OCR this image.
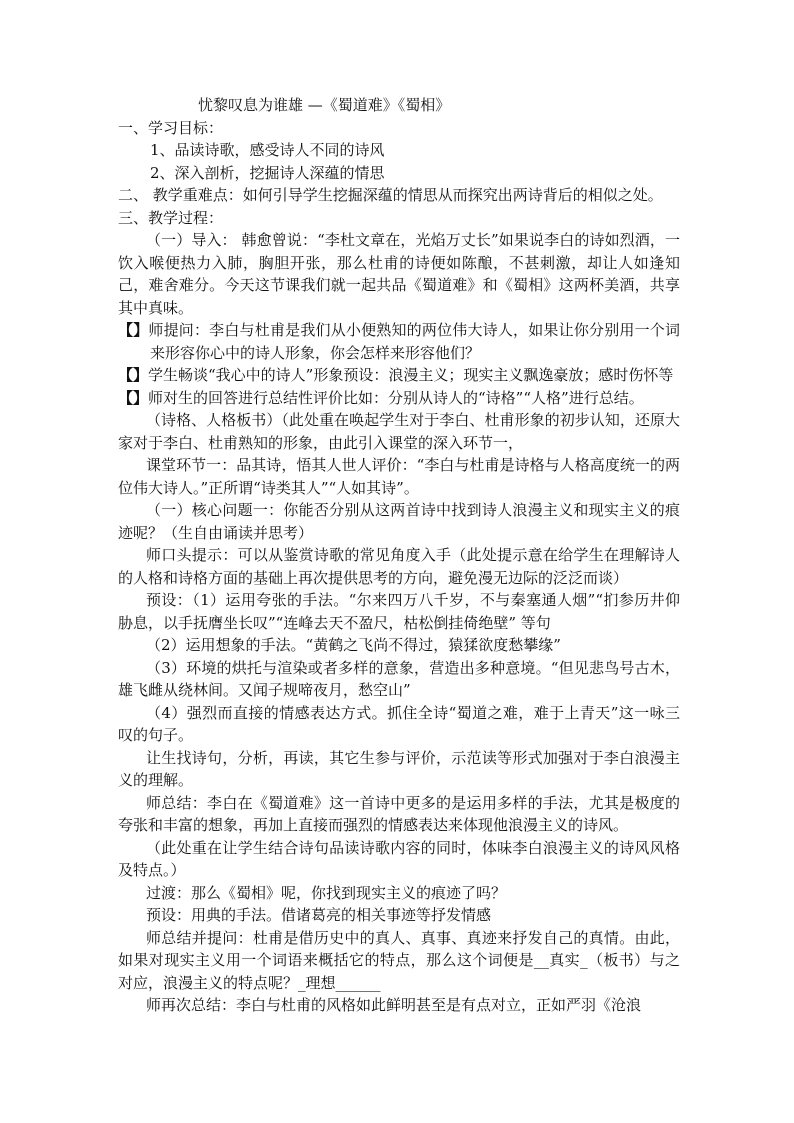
忧黎叹息为谁雄 —《蜀道难》《蜀相》
一、学习目标：
1、品读诗歌，感受诗人不同的诗风
2、深入剖析，挖掘诗人深蕴的情思
二、 教学重难点：如何引导学生挖掘深蕴的情思从而探究出两诗背后的相似之处。
三、教学过程：
（一）导入： 韩愈曾说：“李杜文章在，光焰万丈长”如果说李白的诗如烈酒，一饮入喉便热力入肺，胸胆开张，那么杜甫的诗便如陈酿，不甚刺激，却让人如逢知己，难舍难分。今天这节课我们就一起共品《蜀道难》和《蜀相》这两杯美酒，共享其中真味。
【】师提问：李白与杜甫是我们从小便熟知的两位伟大诗人，如果让你分别用一个词来形容你心中的诗人形象，你会怎样来形容他们？
【】学生畅谈“我心中的诗人”形象预设：浪漫主义；现实主义飘逸豪放；感时伤怀等
【】师对生的回答进行总结性评价比如：分别从诗人的“诗格”“人格”进行总结。
（诗格、人格板书）（此处重在唤起学生对于李白、杜甫形象的初步认知，还原大家对于李白、杜甫熟知的形象，由此引入课堂的深入环节一，
课堂环节一：品其诗，悟其人世人评价：“李白与杜甫是诗格与人格高度统一的两位伟大诗人。”正所谓“诗类其人”“人如其诗”。
（一）核心问题一：你能否分别从这两首诗中找到诗人浪漫主义和现实主义的痕迹呢？（生自由诵读并思考）
师口头提示：可以从鉴赏诗歌的常见角度入手（此处提示意在给学生在理解诗人的人格和诗格方面的基础上再次提供思考的方向，避免漫无边际的泛泛而谈）
预设：（1）运用夸张的手法。“尔来四万八千岁，不与秦塞通人烟”“扪参历井仰胁息，以手抚膺坐长叹”“连峰去天不盈尺，枯松倒挂倚绝壁” 等句
（2）运用想象的手法。“黄鹤之飞尚不得过，猿猱欲度愁攀缘”
（3）环境的烘托与渲染或者多样的意象，营造出多种意境。“但见悲鸟号古木，雄飞雌从绕林间。又闻子规啼夜月，愁空山”
（4）强烈而直接的情感表达方式。抓住全诗“蜀道之难，难于上青天”这一咏三叹的句子。
让生找诗句，分析，再读，其它生参与评价，示范读等形式加强对于李白浪漫主义的理解。
师总结：李白在《蜀道难》这一首诗中更多的是运用多样的手法，尤其是极度的夸张和丰富的想象，再加上直接而强烈的情感表达来体现他浪漫主义的诗风。
（此处重在让学生结合诗句品读诗歌内容的同时，体味李白浪漫主义的诗风风格及特点。）
过渡：那么《蜀相》呢，你找到现实主义的痕迹了吗？
预设：用典的手法。借诸葛亮的相关事迹等抒发情感
师总结并提问：杜甫是借历史中的真人、真事、真迹来抒发自己的真情。由此，如果对现实主义用一个词语来概括它的特点，那么这个词便是__真实_（板书）与之对应，浪漫主义的特点呢？_理想______
师再次总结：李白与杜甫的风格如此鲜明甚至是有点对立，正如严羽《沧浪
